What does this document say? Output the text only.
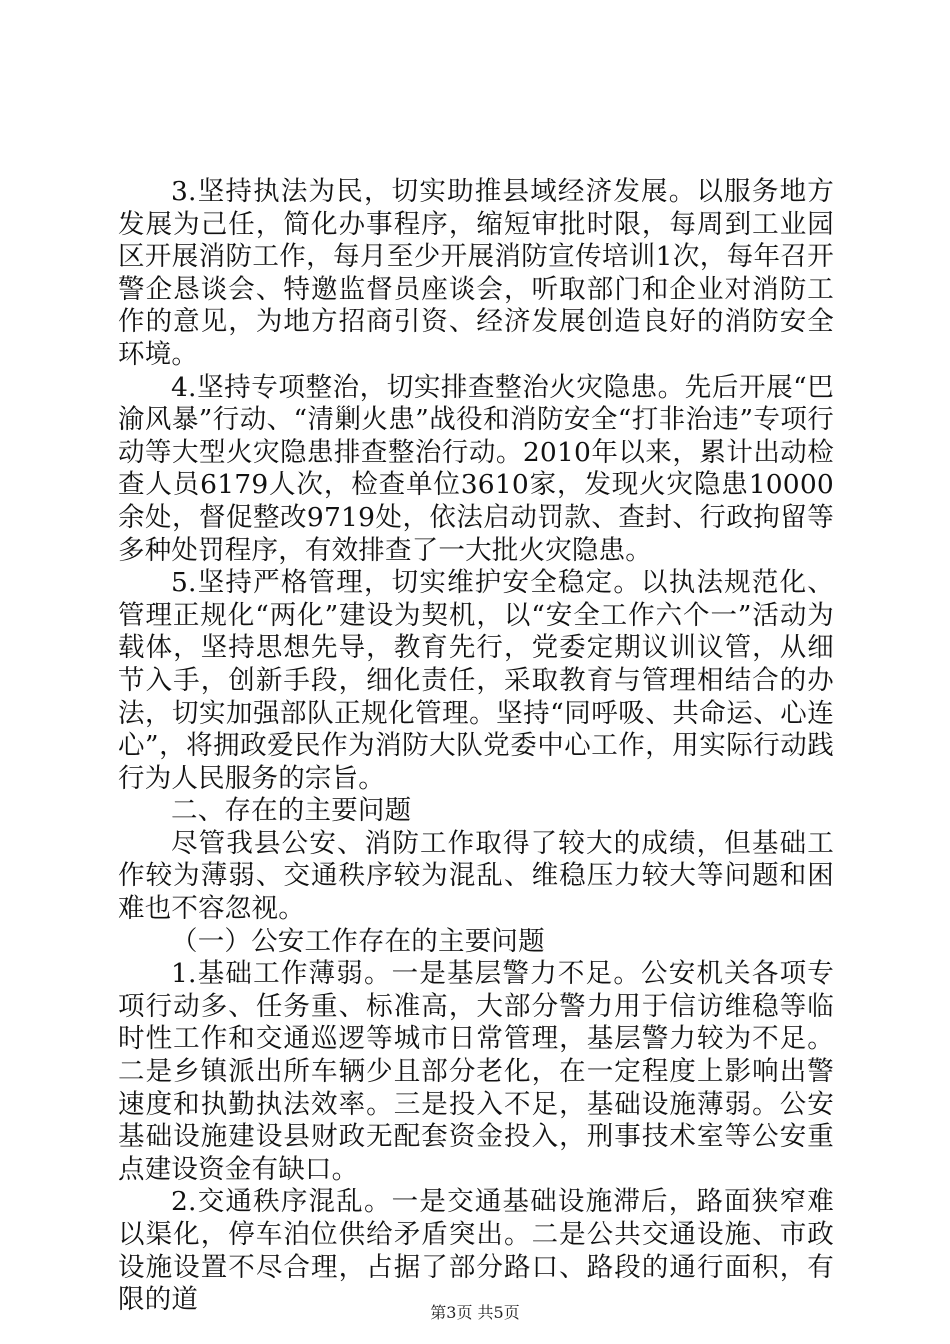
3.坚持执法为民，切实助推县域经济发展。以服务地方发展为己任，简化办事程序，缩短审批时限，每周到工业园区开展消防工作，每月至少开展消防宣传培训1次，每年召开警企恳谈会、特邀监督员座谈会，听取部门和企业对消防工作的意见，为地方招商引资、经济发展创造良好的消防安全环境。

4.坚持专项整治，切实排查整治火灾隐患。先后开展“巴渝风暴”行动、“清剿火患”战役和消防安全“打非治违”专项行动等大型火灾隐患排查整治行动。2010年以来，累计出动检查人员6179人次，检查单位3610家，发现火灾隐患10000余处，督促整改9719处，依法启动罚款、查封、行政拘留等多种处罚程序，有效排查了一大批火灾隐患。

5.坚持严格管理，切实维护安全稳定。以执法规范化、管理正规化“两化”建设为契机，以“安全工作六个一”活动为载体，坚持思想先导，教育先行，党委定期议训议管，从细节入手，创新手段，细化责任，采取教育与管理相结合的办法，切实加强部队正规化管理。坚持“同呼吸、共命运、心连心”，将拥政爱民作为消防大队党委中心工作，用实际行动践行为人民服务的宗旨。

二、存在的主要问题

尽管我县公安、消防工作取得了较大的成绩，但基础工作较为薄弱、交通秩序较为混乱、维稳压力较大等问题和困难也不容忽视。

（一）公安工作存在的主要问题

1.基础工作薄弱。一是基层警力不足。公安机关各项专项行动多、任务重、标准高，大部分警力用于信访维稳等临时性工作和交通巡逻等城市日常管理，基层警力较为不足。二是乡镇派出所车辆少且部分老化，在一定程度上影响出警速度和执勤执法效率。三是投入不足，基础设施薄弱。公安基础设施建设县财政无配套资金投入，刑事技术室等公安重点建设资金有缺口。

2.交通秩序混乱。一是交通基础设施滞后，路面狭窄难以渠化，停车泊位供给矛盾突出。二是公共交通设施、市政设施设置不尽合理，占据了部分路口、路段的通行面积，有限的道	第3页 共5页
